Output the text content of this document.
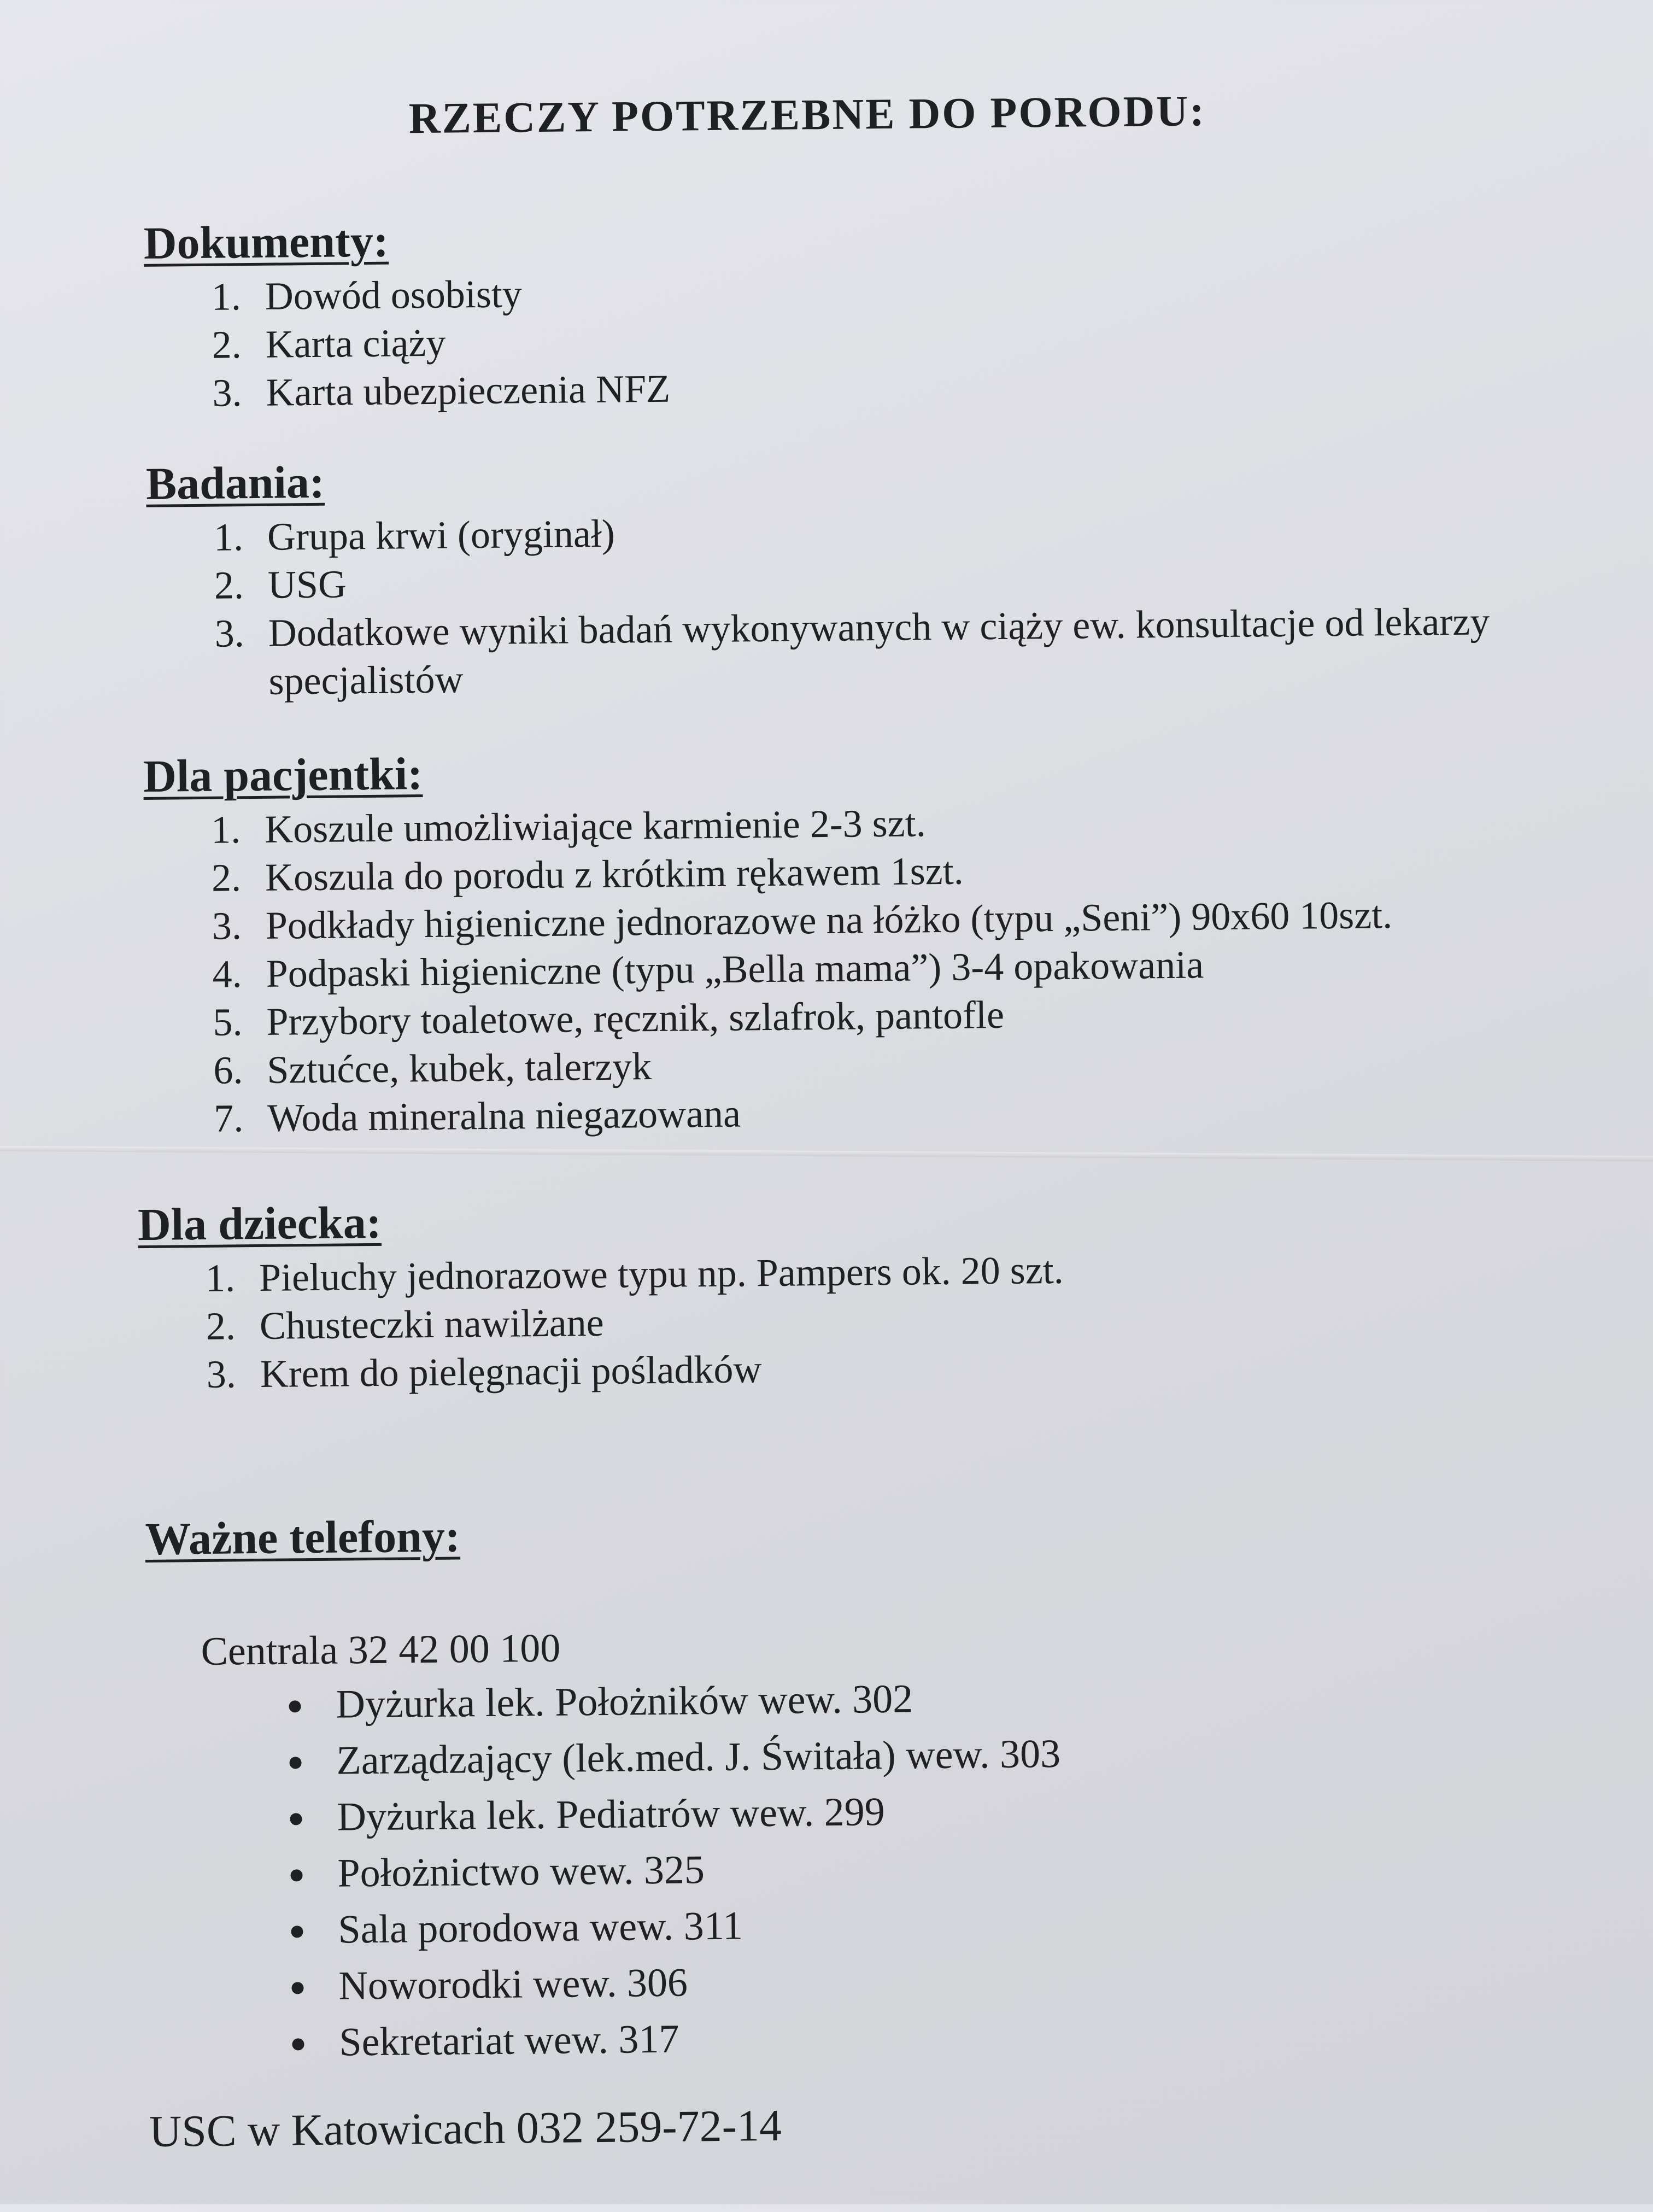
RZECZY POTRZEBNE DO PORODU:
Dokumenty:
1. Dowód osobisty
2. Karta ciąży
3. Karta ubezpieczenia NFZ
Badania:
1. Grupa krwi (oryginał)
2. USG
3. Dodatkowe wyniki badań wykonywanych w ciąży ew. konsultacje od lekarzy specjalistów
Dla pacjentki:
1. Koszule umożliwiające karmienie 2-3 szt.
2. Koszula do porodu z krótkim rękawem 1szt.
3. Podkłady higieniczne jednorazowe na łóżko (typu „Seni”) 90x60 10szt.
4. Podpaski higieniczne (typu „Bella mama”) 3-4 opakowania
5. Przybory toaletowe, ręcznik, szlafrok, pantofle
6. Sztućce, kubek, talerzyk
7. Woda mineralna niegazowana
Dla dziecka:
1. Pieluchy jednorazowe typu np. Pampers ok. 20 szt.
2. Chusteczki nawilżane
3. Krem do pielęgnacji pośladków
Ważne telefony:

Centrala 32 42 00 100

• Dyżurka lek. Położników wew. 302
• Zarządzający (lek.med. J. Świtała) wew. 303
• Dyżurka lek. Pediatrów wew. 299
• Położnictwo wew. 325
• Sala porodowa wew. 311
• Noworodki wew. 306
• Sekretariat wew. 317

USC w Katowicach 032 259-72-14
